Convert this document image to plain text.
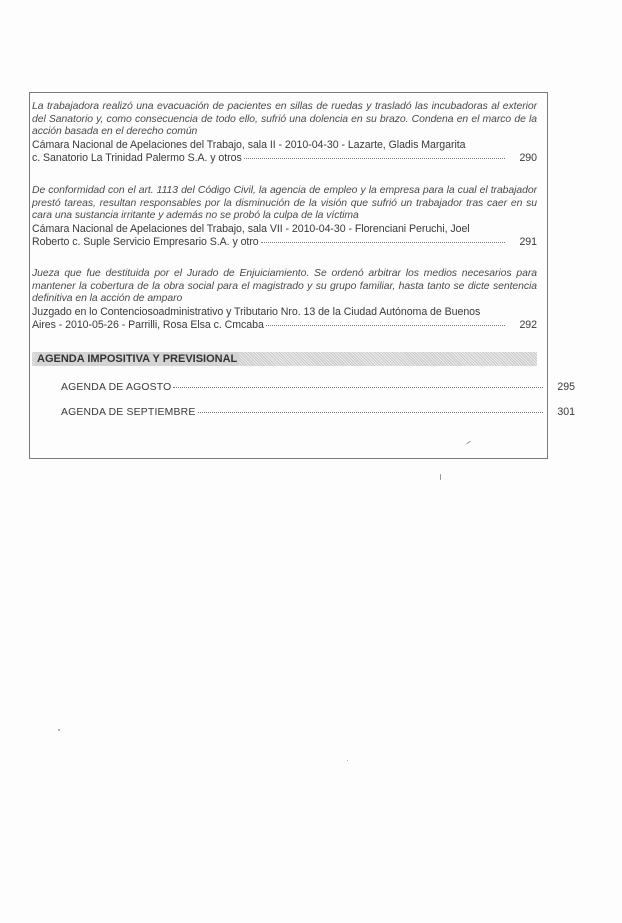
La trabajadora realizó una evacuación de pacientes en sillas de ruedas y trasladó las incubadoras al exterior del Sanatorio y, como consecuencia de todo ello, sufrió una dolencia en su brazo. Condena en el marco de la acción basada en el derecho común
Cámara Nacional de Apelaciones del Trabajo, sala II - 2010-04-30 - Lazarte, Gladis Margarita
c. Sanatorio La Trinidad Palermo S.A. y otros	290
De conformidad con el art. 1113 del Código Civil, la agencia de empleo y la empresa para la cual el trabajador prestó tareas, resultan responsables por la disminución de la visión que sufrió un trabajador tras caer en su cara una sustancia irritante y además no se probó la culpa de la víctima
Cámara Nacional de Apelaciones del Trabajo, sala VII - 2010-04-30 - Florenciani Peruchi, Joel
Roberto c. Suple Servicio Empresario S.A. y otro	291
Jueza que fue destituida por el Jurado de Enjuiciamiento. Se ordenó arbitrar los medios necesarios para mantener la cobertura de la obra social para el magistrado y su grupo familiar, hasta tanto se dicte sentencia definitiva en la acción de amparo
Juzgado en lo Contenciosoadministrativo y Tributario Nro. 13 de la Ciudad Autónoma de Buenos
Aires - 2010-05-26 - Parrilli, Rosa Elsa c. Cmcaba	292
AGENDA IMPOSITIVA Y PREVISIONAL
AGENDA DE AGOSTO	295
AGENDA DE SEPTIEMBRE	301
